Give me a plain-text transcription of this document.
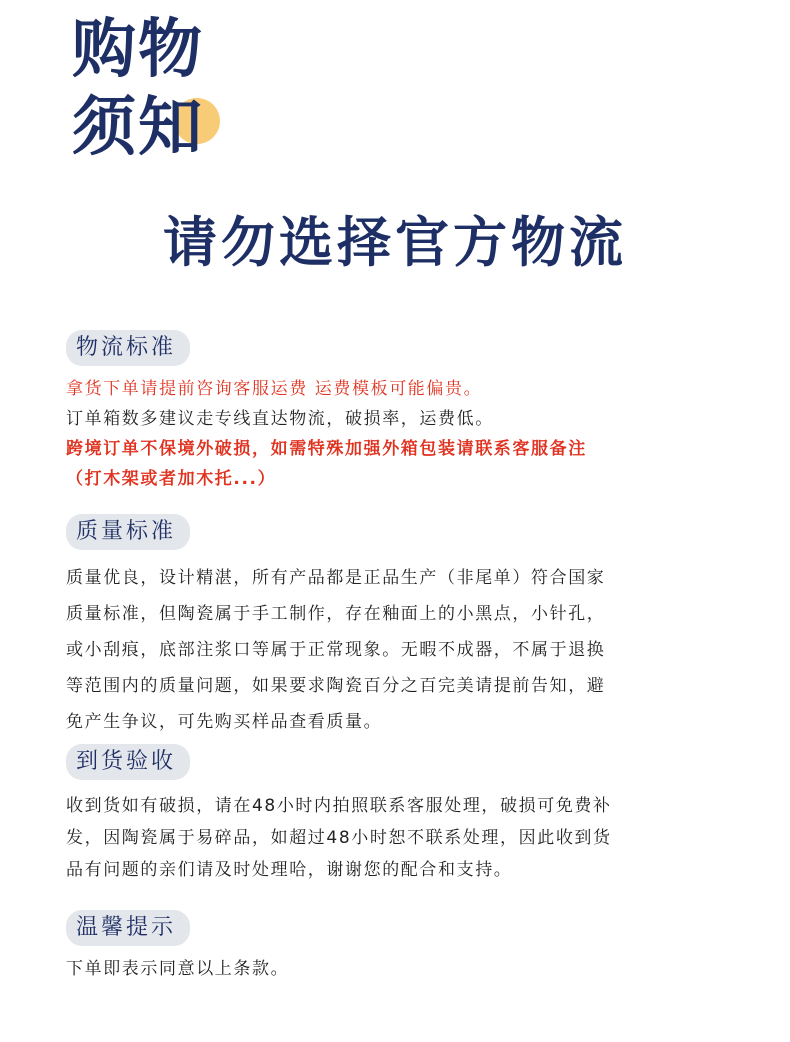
购物
须知
请勿选择官方物流
物流标准
拿货下单请提前咨询客服运费 运费模板可能偏贵。
订单箱数多建议走专线直达物流，破损率，运费低。
跨境订单不保境外破损，如需特殊加强外箱包装请联系客服备注
（打木架或者加木托...）
质量标准
质量优良，设计精湛，所有产品都是正品生产（非尾单）符合国家
质量标准，但陶瓷属于手工制作，存在釉面上的小黑点，小针孔，
或小刮痕，底部注浆口等属于正常现象。无暇不成器，不属于退换
等范围内的质量问题，如果要求陶瓷百分之百完美请提前告知，避
免产生争议，可先购买样品查看质量。
到货验收
收到货如有破损，请在48小时内拍照联系客服处理，破损可免费补
发，因陶瓷属于易碎品，如超过48小时恕不联系处理，因此收到货
品有问题的亲们请及时处理哈，谢谢您的配合和支持。
温馨提示
下单即表示同意以上条款。
